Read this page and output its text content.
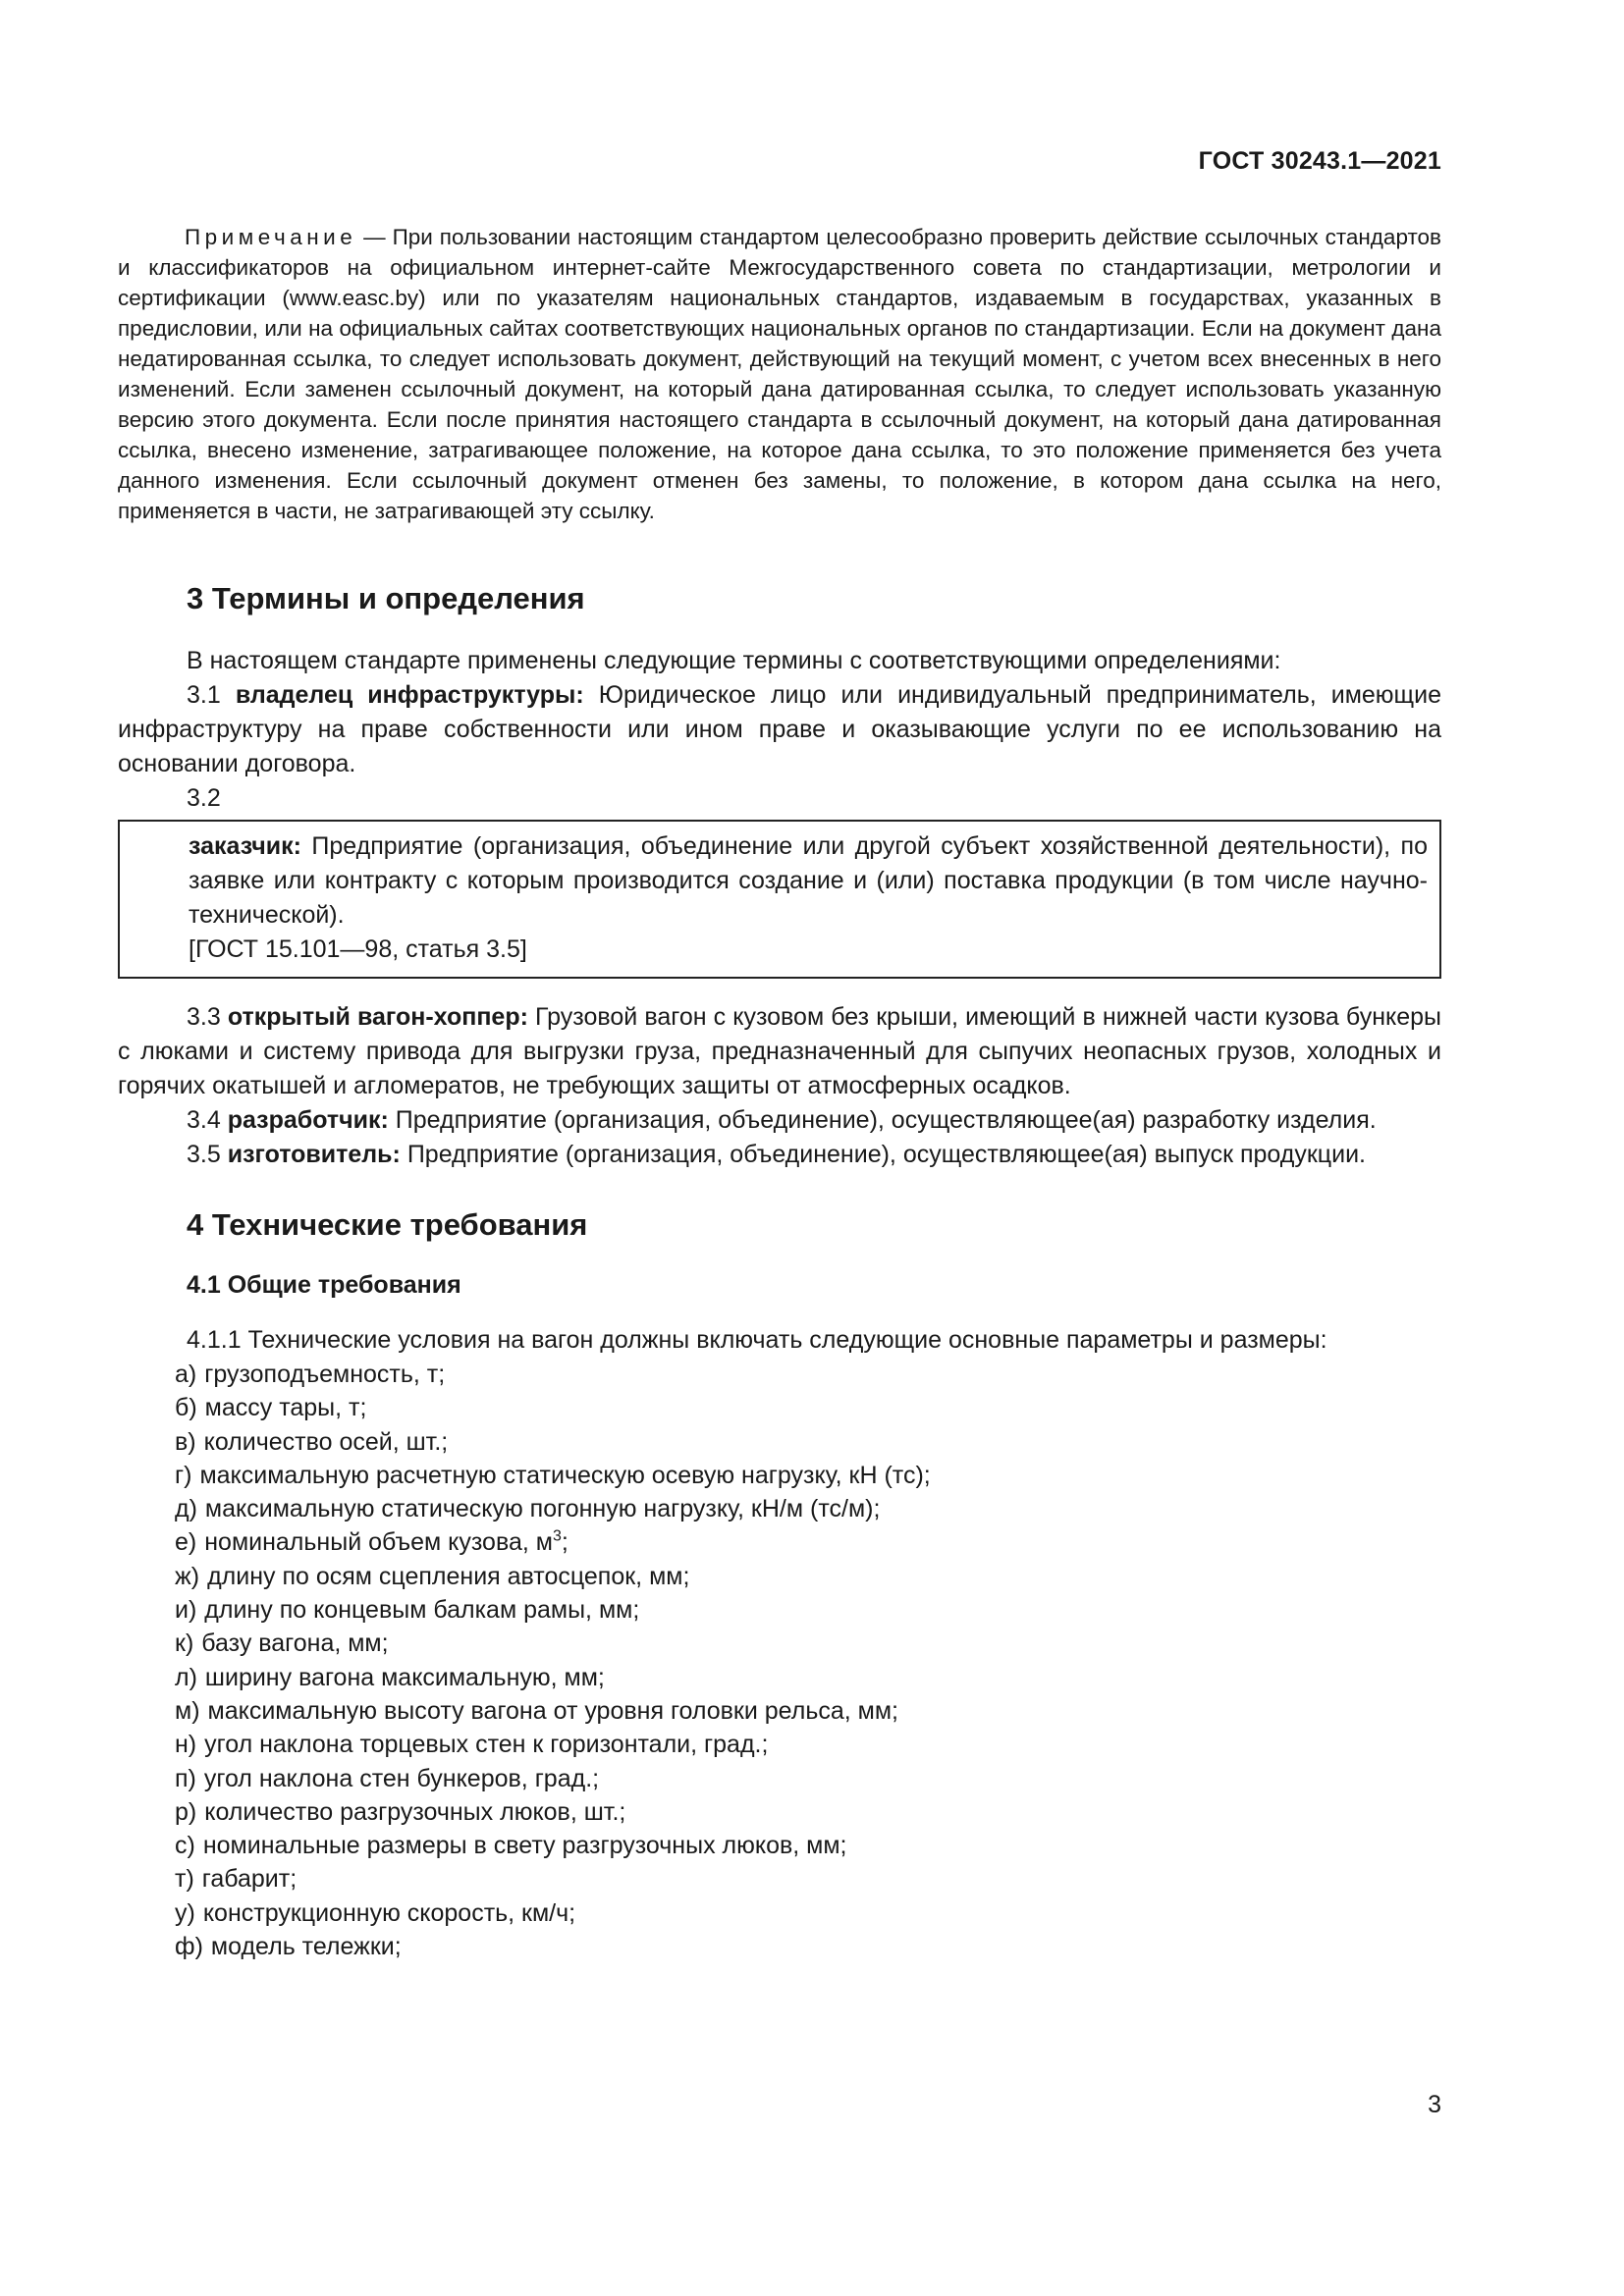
ГОСТ 30243.1—2021

Примечание — При пользовании настоящим стандартом целесообразно проверить действие ссылочных стандартов и классификаторов на официальном интернет-сайте Межгосударственного совета по стандартизации, метрологии и сертификации (www.easc.by) или по указателям национальных стандартов, издаваемым в государствах, указанных в предисловии, или на официальных сайтах соответствующих национальных органов по стандартизации. Если на документ дана недатированная ссылка, то следует использовать документ, действующий на текущий момент, с учетом всех внесенных в него изменений. Если заменен ссылочный документ, на который дана датированная ссылка, то следует использовать указанную версию этого документа. Если после принятия настоящего стандарта в ссылочный документ, на который дана датированная ссылка, внесено изменение, затрагивающее положение, на которое дана ссылка, то это положение применяется без учета данного изменения. Если ссылочный документ отменен без замены, то положение, в котором дана ссылка на него, применяется в части, не затрагивающей эту ссылку.

3 Термины и определения

В настоящем стандарте применены следующие термины с соответствующими определениями:

3.1 владелец инфраструктуры: Юридическое лицо или индивидуальный предприниматель, имеющие инфраструктуру на праве собственности или ином праве и оказывающие услуги по ее использованию на основании договора.

3.2

заказчик: Предприятие (организация, объединение или другой субъект хозяйственной деятельности), по заявке или контракту с которым производится создание и (или) поставка продукции (в том числе научно-технической).

[ГОСТ 15.101—98, статья 3.5]

3.3 открытый вагон-хоппер: Грузовой вагон с кузовом без крыши, имеющий в нижней части кузова бункеры с люками и систему привода для выгрузки груза, предназначенный для сыпучих неопасных грузов, холодных и горячих окатышей и агломератов, не требующих защиты от атмосферных осадков.

3.4 разработчик: Предприятие (организация, объединение), осуществляющее(ая) разработку изделия.

3.5 изготовитель: Предприятие (организация, объединение), осуществляющее(ая) выпуск продукции.

4 Технические требования
4.1 Общие требования

4.1.1 Технические условия на вагон должны включать следующие основные параметры и размеры:

а) грузоподъемность, т;
б) массу тары, т;
в) количество осей, шт.;
г) максимальную расчетную статическую осевую нагрузку, кН (тс);
д) максимальную статическую погонную нагрузку, кН/м (тс/м);
е) номинальный объем кузова, $м^3$;
ж) длину по осям сцепления автосцепок, мм;
и) длину по концевым балкам рамы, мм;
к) базу вагона, мм;
л) ширину вагона максимальную, мм;
м) максимальную высоту вагона от уровня головки рельса, мм;
н) угол наклона торцевых стен к горизонтали, град.;
п) угол наклона стен бункеров, град.;
р) количество разгрузочных люков, шт.;
с) номинальные размеры в свету разгрузочных люков, мм;
т) габарит;
у) конструкционную скорость, км/ч;
ф) модель тележки;
3
